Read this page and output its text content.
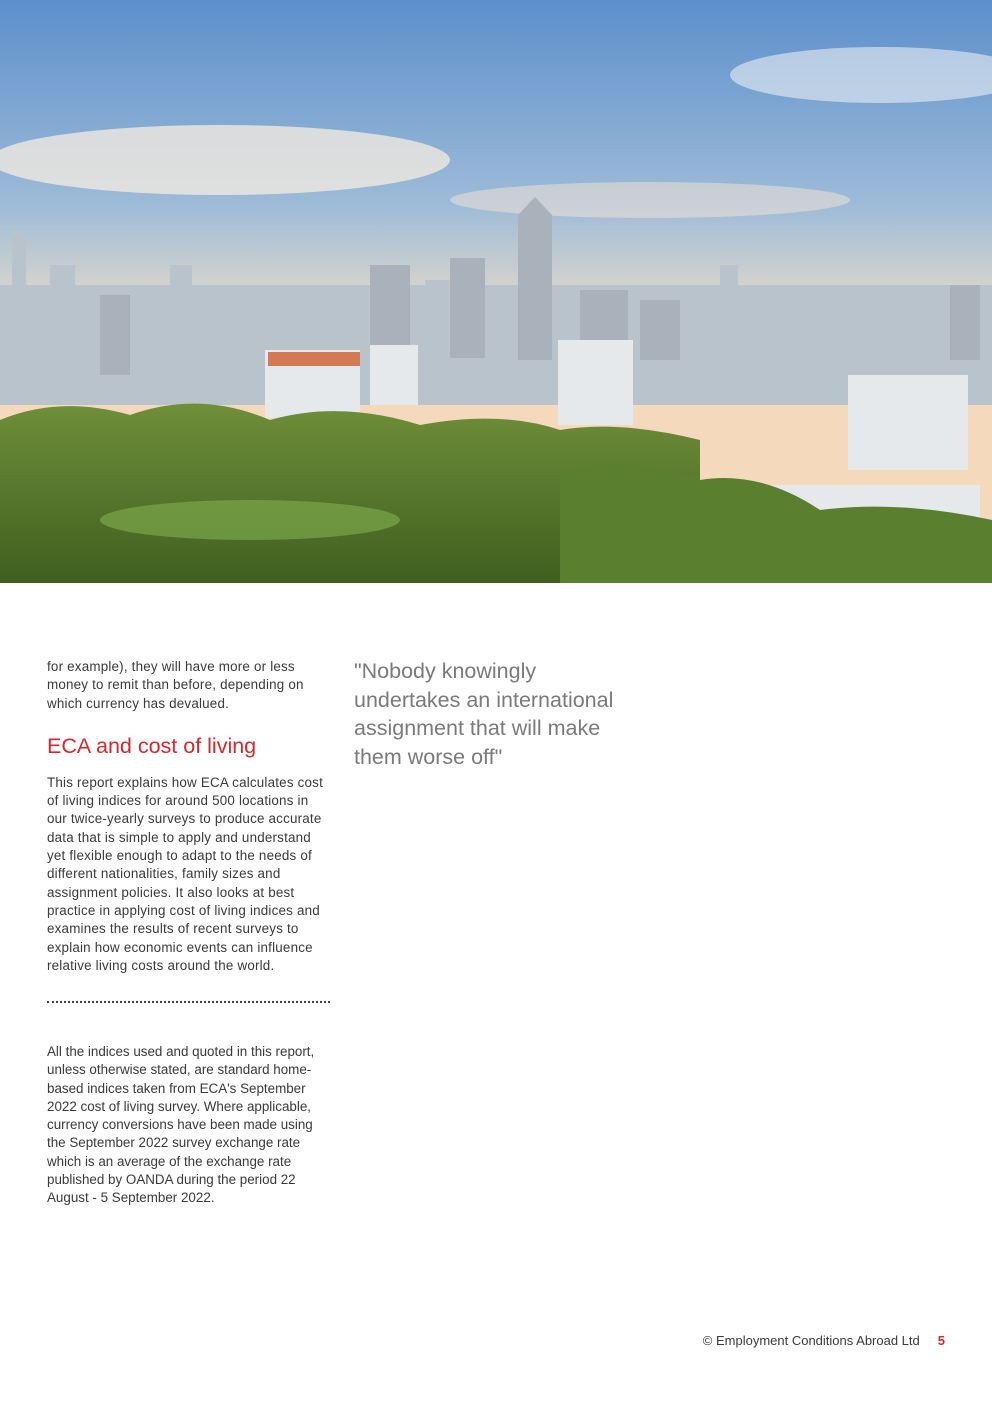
for example), they will have more or less money to remit than before, depending on which currency has devalued.

ECA and cost of living

This report explains how ECA calculates cost of living indices for around 500 locations in our twice-yearly surveys to produce accurate data that is simple to apply and understand yet flexible enough to adapt to the needs of different nationalities, family sizes and assignment policies. It also looks at best practice in applying cost of living indices and examines the results of recent surveys to explain how economic events can influence relative living costs around the world.

All the indices used and quoted in this report, unless otherwise stated, are standard home-based indices taken from ECA's September 2022 cost of living survey. Where applicable, currency conversions have been made using the September 2022 survey exchange rate which is an average of the exchange rate published by OANDA during the period 22 August - 5 September 2022.

"Nobody knowingly undertakes an international assignment that will make them worse off"

© Employment Conditions Abroad Ltd 5
